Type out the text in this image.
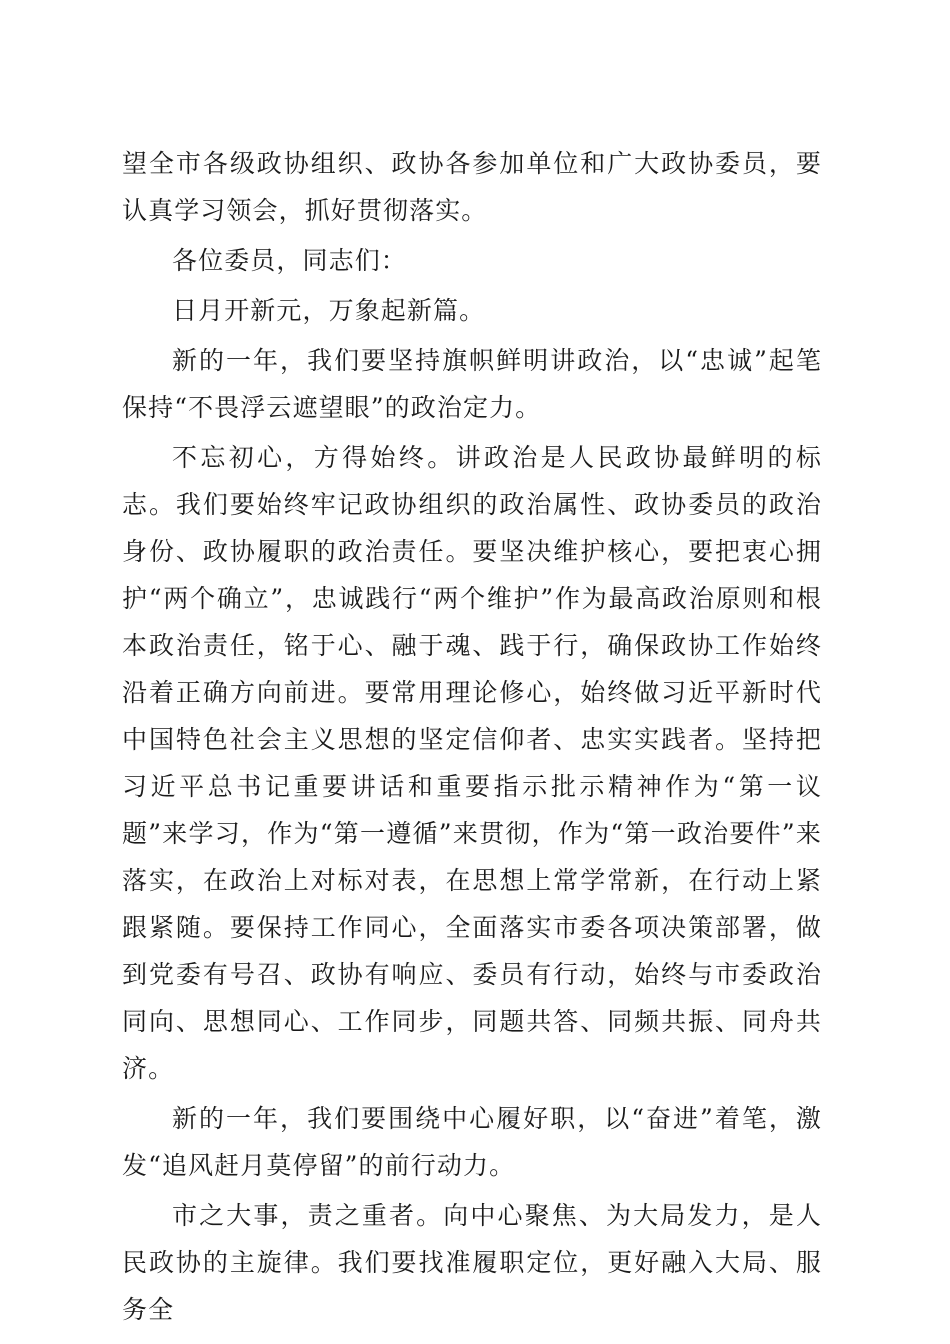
望全市各级政协组织、政协各参加单位和广大政协委员，要认真学习领会，抓好贯彻落实。

各位委员，同志们：

日月开新元，万象起新篇。

新的一年，我们要坚持旗帜鲜明讲政治，以“忠诚”起笔保持“不畏浮云遮望眼”的政治定力。

不忘初心，方得始终。讲政治是人民政协最鲜明的标志。我们要始终牢记政协组织的政治属性、政协委员的政治身份、政协履职的政治责任。要坚决维护核心，要把衷心拥护“两个确立”，忠诚践行“两个维护”作为最高政治原则和根本政治责任，铭于心、融于魂、践于行，确保政协工作始终沿着正确方向前进。要常用理论修心，始终做习近平新时代中国特色社会主义思想的坚定信仰者、忠实实践者。坚持把习近平总书记重要讲话和重要指示批示精神作为“第一议题”来学习，作为“第一遵循”来贯彻，作为“第一政治要件”来落实，在政治上对标对表，在思想上常学常新，在行动上紧跟紧随。要保持工作同心，全面落实市委各项决策部署，做到党委有号召、政协有响应、委员有行动，始终与市委政治同向、思想同心、工作同步，同题共答、同频共振、同舟共济。

新的一年，我们要围绕中心履好职，以“奋进”着笔，激发“追风赶月莫停留”的前行动力。

市之大事，责之重者。向中心聚焦、为大局发力，是人民政协的主旋律。我们要找准履职定位，更好融入大局、服务全
